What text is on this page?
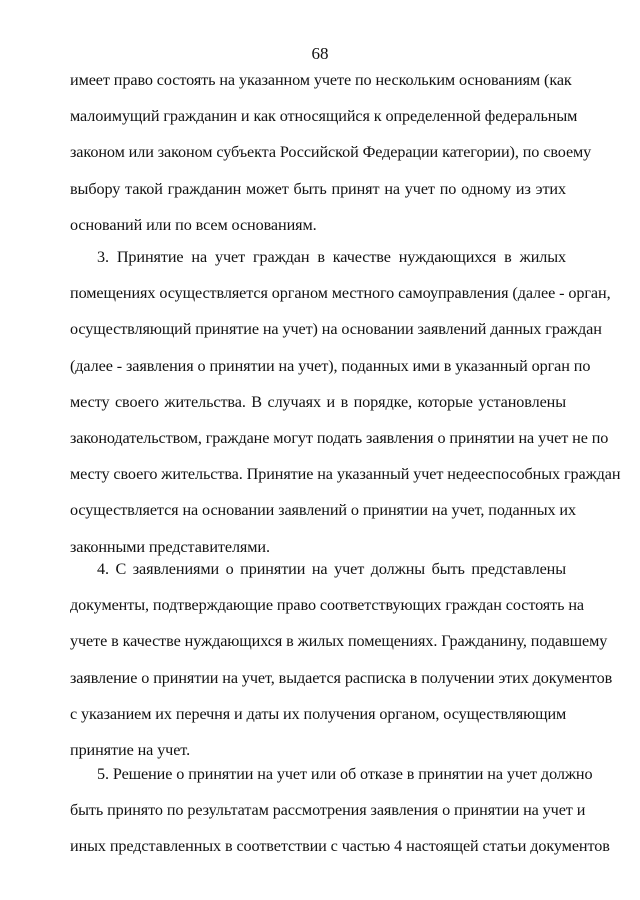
68
имеет право состоять на указанном учете по нескольким основаниям (как
малоимущий гражданин и как относящийся к определенной федеральным
законом или законом субъекта Российской Федерации категории), по своему
выбору такой гражданин может быть принят на учет по одному из этих
оснований или по всем основаниям.
3. Принятие на учет граждан в качестве нуждающихся в жилых
помещениях осуществляется органом местного самоуправления (далее - орган,
осуществляющий принятие на учет) на основании заявлений данных граждан
(далее - заявления о принятии на учет), поданных ими в указанный орган по
месту своего жительства. В случаях и в порядке, которые установлены
законодательством, граждане могут подать заявления о принятии на учет не по
месту своего жительства. Принятие на указанный учет недееспособных граждан
осуществляется на основании заявлений о принятии на учет, поданных их
законными представителями.
4. С заявлениями о принятии на учет должны быть представлены
документы, подтверждающие право соответствующих граждан состоять на
учете в качестве нуждающихся в жилых помещениях. Гражданину, подавшему
заявление о принятии на учет, выдается расписка в получении этих документов
с указанием их перечня и даты их получения органом, осуществляющим
принятие на учет.
5. Решение о принятии на учет или об отказе в принятии на учет должно
быть принято по результатам рассмотрения заявления о принятии на учет и
иных представленных в соответствии с частью 4 настоящей статьи документов
